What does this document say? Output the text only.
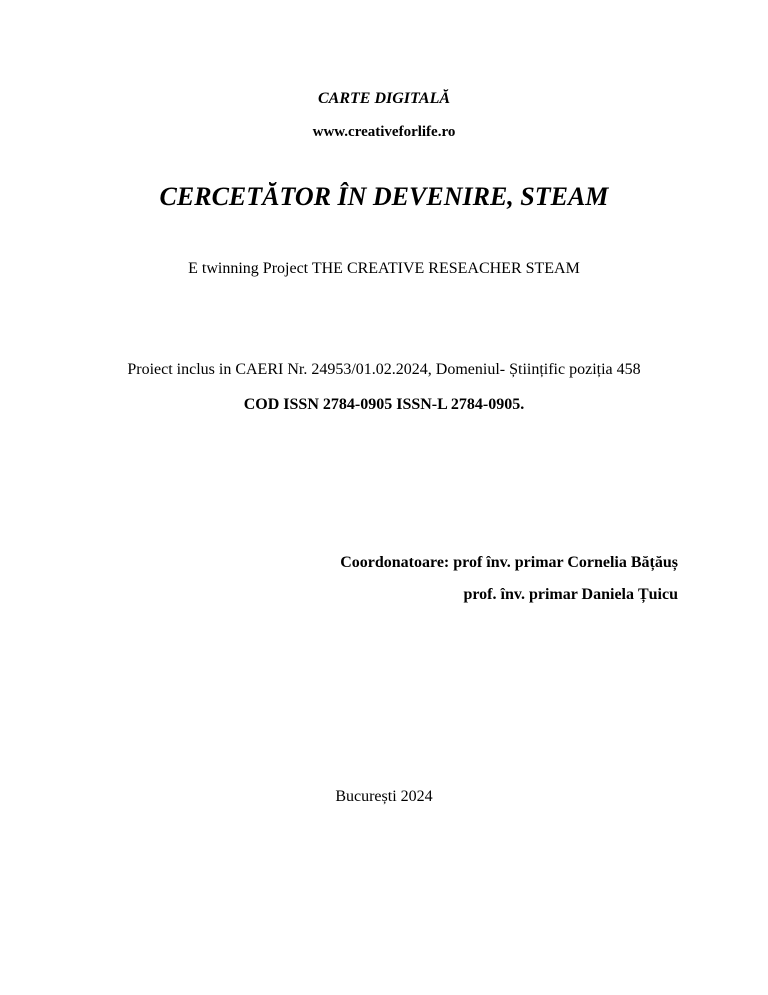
CARTE DIGITALĂ
www.creativeforlife.ro
CERCETĂTOR ÎN DEVENIRE, STEAM
E twinning Project THE CREATIVE RESEACHER STEAM
Proiect inclus in CAERI Nr. 24953/01.02.2024, Domeniul- Științific poziția 458
COD ISSN 2784-0905 ISSN-L 2784-0905.
Coordonatoare: prof înv. primar Cornelia Bățăuș
prof. înv. primar Daniela Țuicu
București 2024
